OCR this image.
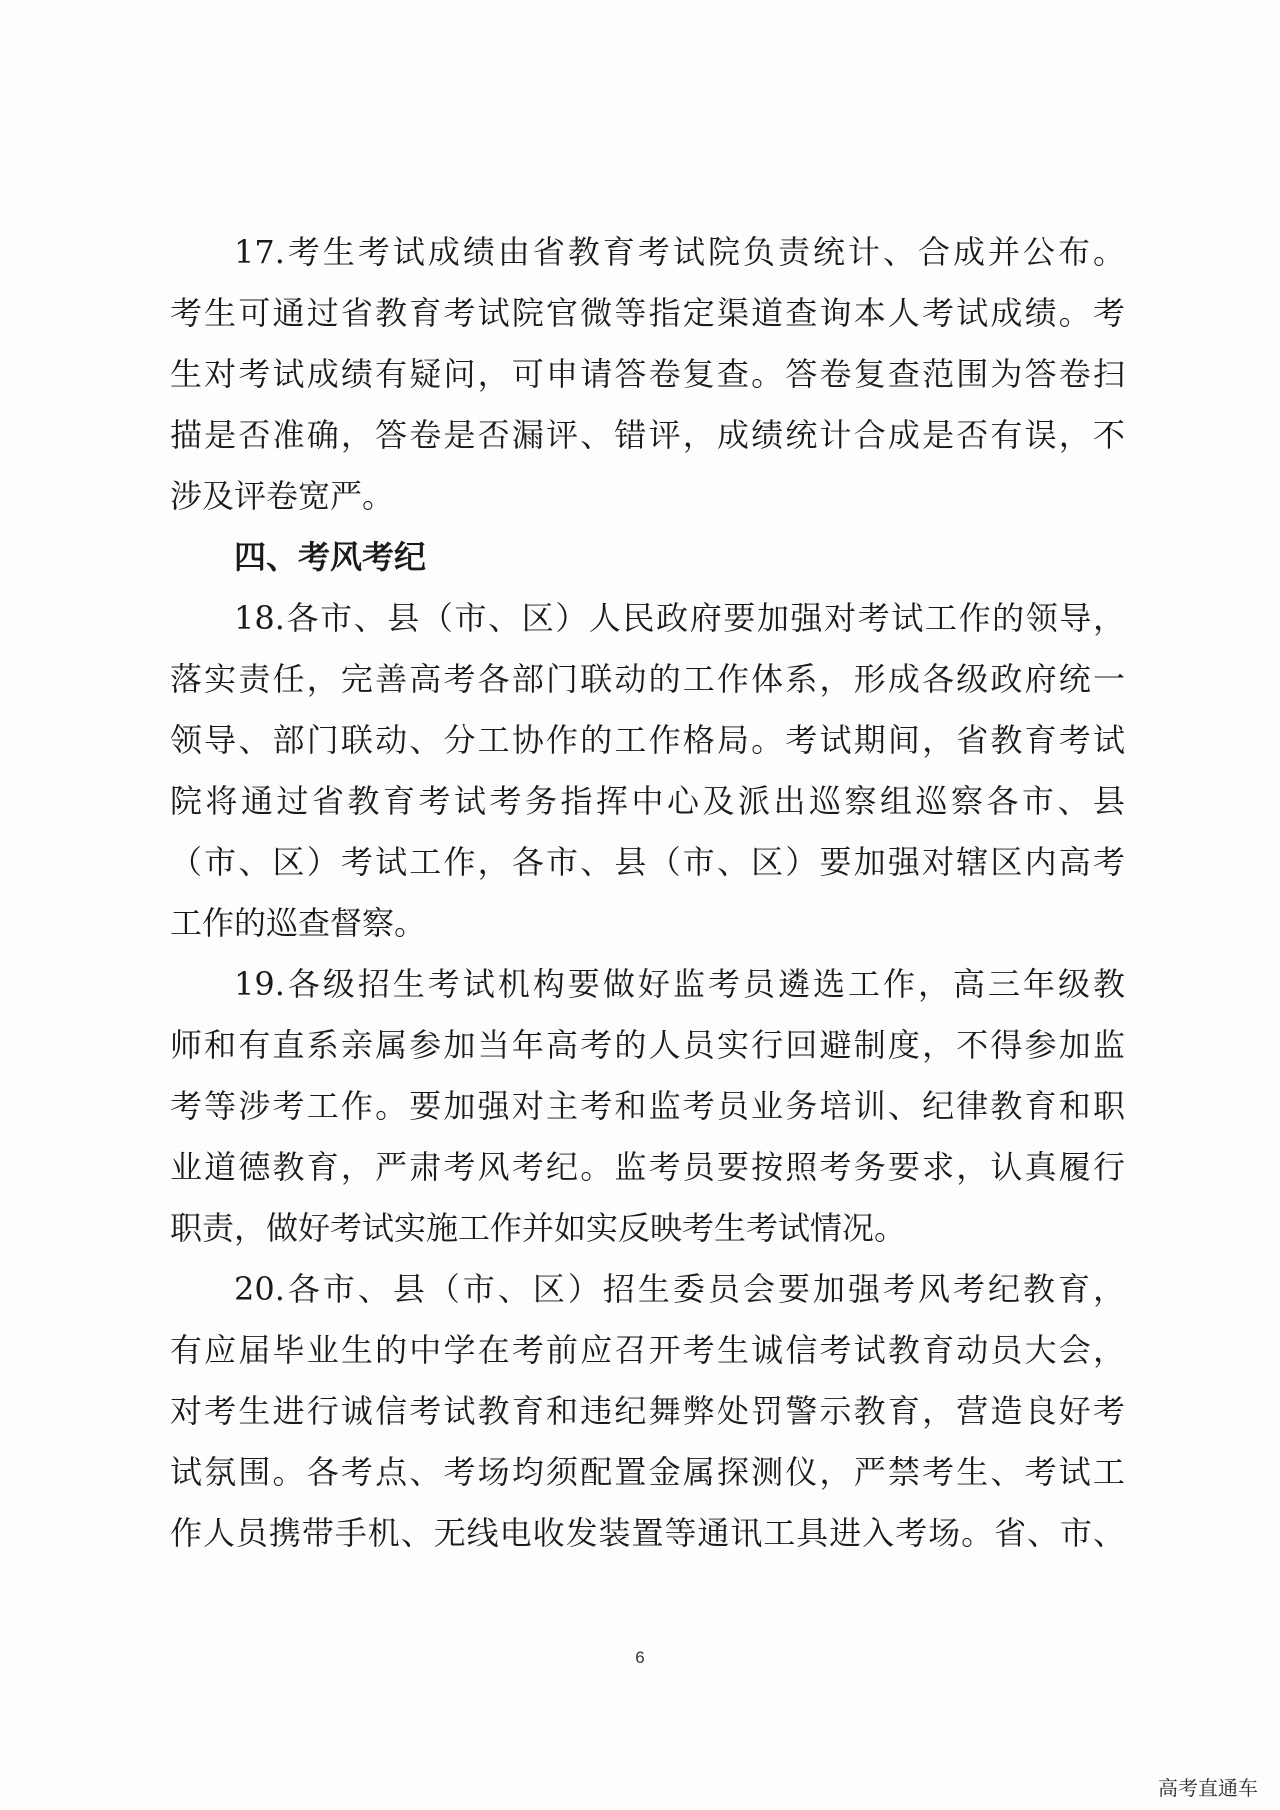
17.考生考试成绩由省教育考试院负责统计、合成并公布。
考生可通过省教育考试院官微等指定渠道查询本人考试成绩。考
生对考试成绩有疑问，可申请答卷复查。答卷复查范围为答卷扫
描是否准确，答卷是否漏评、错评，成绩统计合成是否有误，不
涉及评卷宽严。
四、考风考纪
18.各市、县（市、区）人民政府要加强对考试工作的领导，
落实责任，完善高考各部门联动的工作体系，形成各级政府统一
领导、部门联动、分工协作的工作格局。考试期间，省教育考试
院将通过省教育考试考务指挥中心及派出巡察组巡察各市、县
（市、区）考试工作，各市、县（市、区）要加强对辖区内高考
工作的巡查督察。
19.各级招生考试机构要做好监考员遴选工作，高三年级教
师和有直系亲属参加当年高考的人员实行回避制度，不得参加监
考等涉考工作。要加强对主考和监考员业务培训、纪律教育和职
业道德教育，严肃考风考纪。监考员要按照考务要求，认真履行
职责，做好考试实施工作并如实反映考生考试情况。
20.各市、县（市、区）招生委员会要加强考风考纪教育，
有应届毕业生的中学在考前应召开考生诚信考试教育动员大会，
对考生进行诚信考试教育和违纪舞弊处罚警示教育，营造良好考
试氛围。各考点、考场均须配置金属探测仪，严禁考生、考试工
作人员携带手机、无线电收发装置等通讯工具进入考场。省、市、
6
高考直通车
